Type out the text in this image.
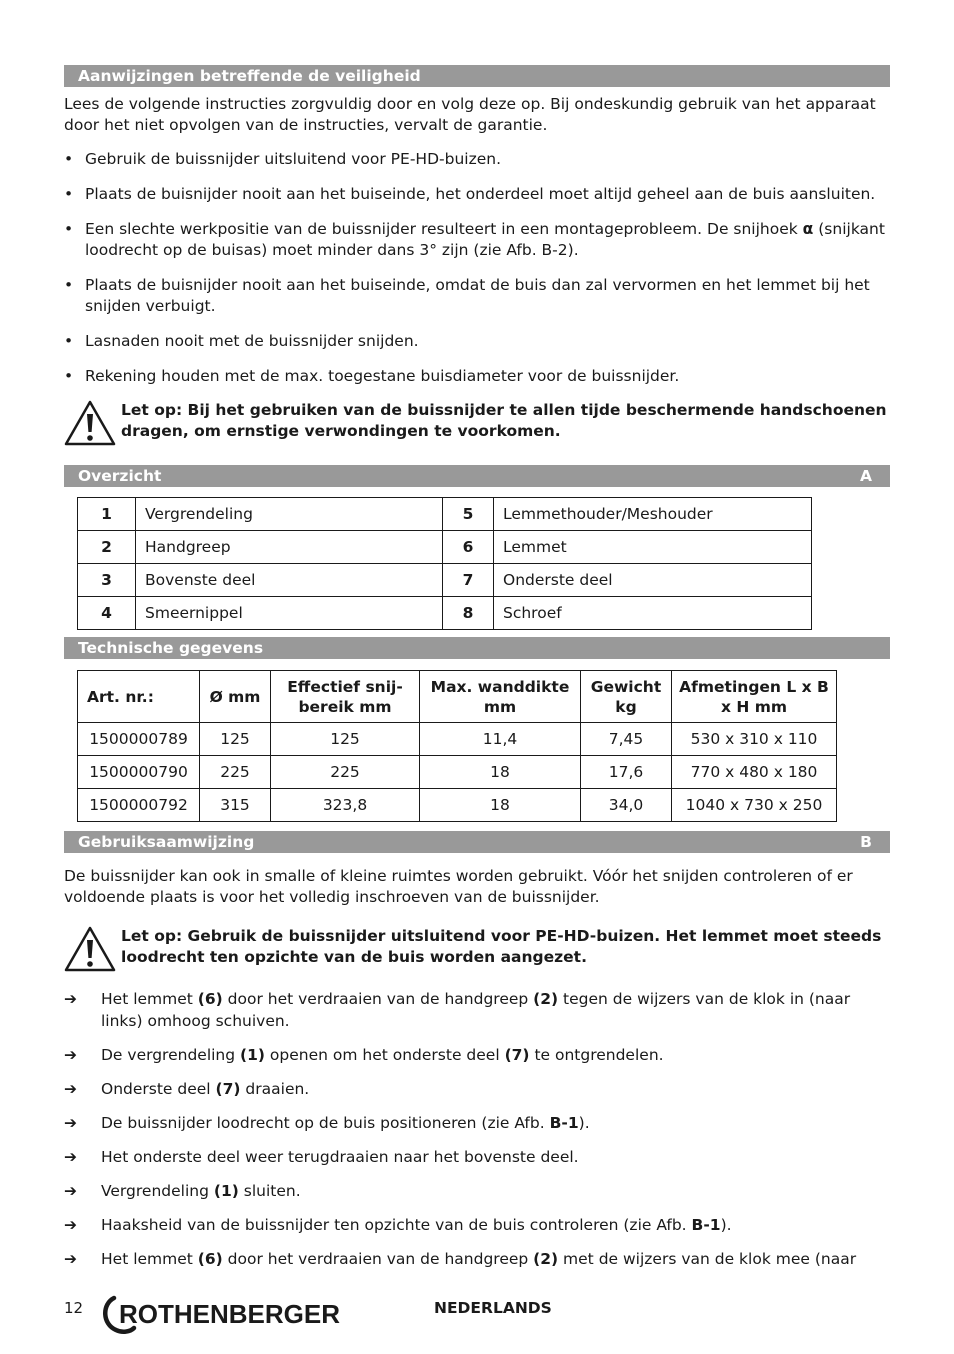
Aanwijzingen betreffende de veiligheid
Lees de volgende instructies zorgvuldig door en volg deze op. Bij ondeskundig gebruik van het apparaat door het niet opvolgen van de instructies, vervalt de garantie.
• Gebruik de buissnijder uitsluitend voor PE-HD-buizen.
• Plaats de buisnijder nooit aan het buiseinde, het onderdeel moet altijd geheel aan de buis aansluiten.
• Een slechte werkpositie van de buissnijder resulteert in een montageprobleem. De snijhoek α (snijkant loodrecht op de buisas) moet minder dans 3° zijn (zie Afb. B-2).
• Plaats de buisnijder nooit aan het buiseinde, omdat de buis dan zal vervormen en het lemmet bij het snijden verbuigt.
• Lasnaden nooit met de buissnijder snijden.
• Rekening houden met de max. toegestane buisdiameter voor de buissnijder.
Let op: Bij het gebruiken van de buissnijder te allen tijde beschermende handschoenen dragen, om ernstige verwondingen te voorkomen.
Overzicht	A
1	Vergrendeling	5	Lemmethouder/Meshouder
2	Handgreep	6	Lemmet
3	Bovenste deel	7	Onderste deel
4	Smeernippel	8	Schroef
Technische gegevens
Art. nr.:	Ø mm	Effectief snij-bereik mm	Max. wanddikte mm	Gewicht kg	Afmetingen L x B x H mm
1500000789	125	125	11,4	7,45	530 x 310 x 110
1500000790	225	225	18	17,6	770 x 480 x 180
1500000792	315	323,8	18	34,0	1040 x 730 x 250
Gebruiksaamwijzing	B
De buissnijder kan ook in smalle of kleine ruimtes worden gebruikt. Vóór het snijden controleren of er voldoende plaats is voor het volledig inschroeven van de buissnijder.
Let op: Gebruik de buissnijder uitsluitend voor PE-HD-buizen. Het lemmet moet steeds loodrecht ten opzichte van de buis worden aangezet.
➔ Het lemmet (6) door het verdraaien van de handgreep (2) tegen de wijzers van de klok in (naar links) omhoog schuiven.
➔ De vergrendeling (1) openen om het onderste deel (7) te ontgrendelen.
➔ Onderste deel (7) draaien.
➔ De buissnijder loodrecht op de buis positioneren (zie Afb. B-1).
➔ Het onderste deel weer terugdraaien naar het bovenste deel.
➔ Vergrendeling (1) sluiten.
➔ Haaksheid van de buissnijder ten opzichte van de buis controleren (zie Afb. B-1).
➔ Het lemmet (6) door het verdraaien van de handgreep (2) met de wijzers van de klok mee (naar
12 ROTHENBERGER	NEDERLANDS
